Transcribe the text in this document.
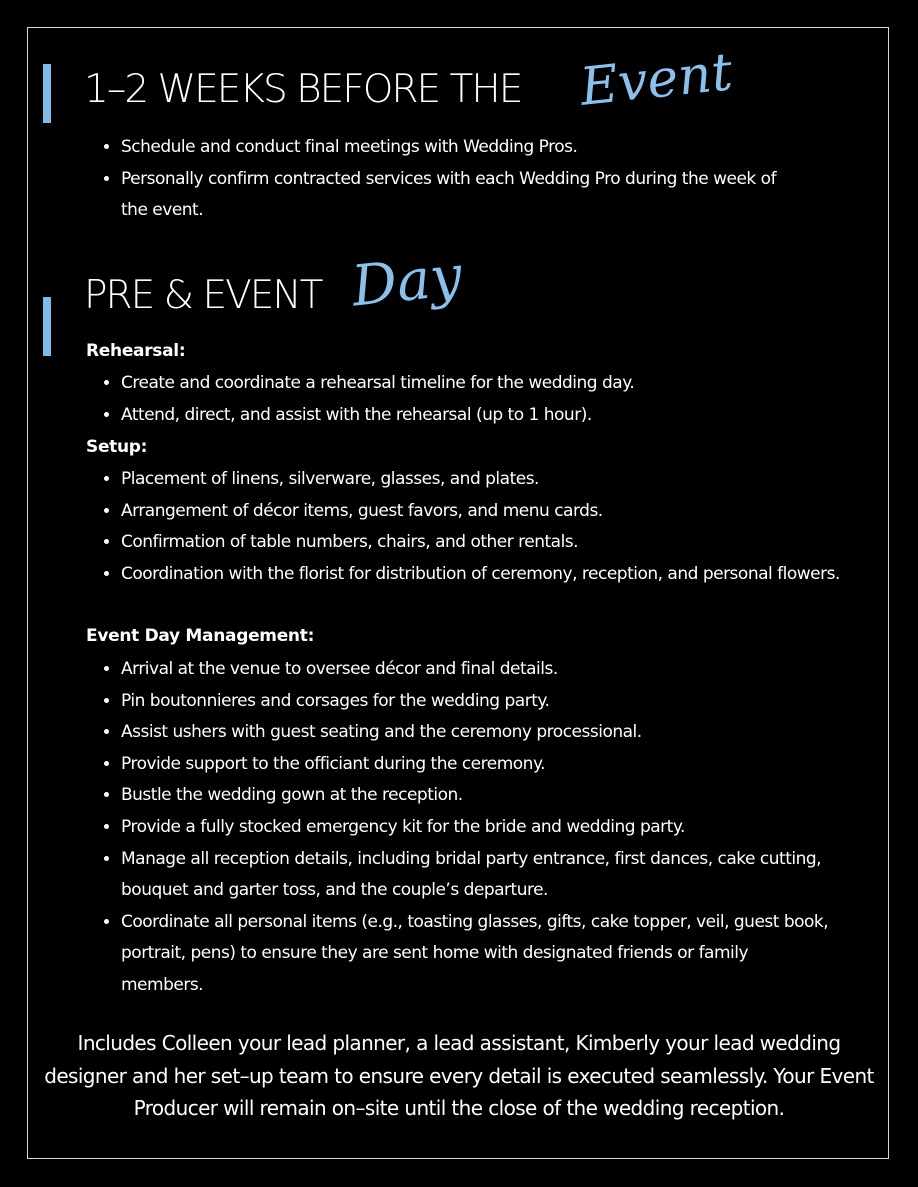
1–2 WEEKS BEFORE THE Event
• Schedule and conduct final meetings with Wedding Pros.
• Personally confirm contracted services with each Wedding Pro during the week of the event.
PRE & EVENT Day
Rehearsal:
• Create and coordinate a rehearsal timeline for the wedding day.
• Attend, direct, and assist with the rehearsal (up to 1 hour).
Setup:
• Placement of linens, silverware, glasses, and plates.
• Arrangement of décor items, guest favors, and menu cards.
• Confirmation of table numbers, chairs, and other rentals.
• Coordination with the florist for distribution of ceremony, reception, and personal flowers.
Event Day Management:
• Arrival at the venue to oversee décor and final details.
• Pin boutonnieres and corsages for the wedding party.
• Assist ushers with guest seating and the ceremony processional.
• Provide support to the officiant during the ceremony.
• Bustle the wedding gown at the reception.
• Provide a fully stocked emergency kit for the bride and wedding party.
• Manage all reception details, including bridal party entrance, first dances, cake cutting, bouquet and garter toss, and the couple’s departure.
• Coordinate all personal items (e.g., toasting glasses, gifts, cake topper, veil, guest book, portrait, pens) to ensure they are sent home with designated friends or family members.

Includes Colleen your lead planner, a lead assistant, Kimberly your lead wedding designer and her set–up team to ensure every detail is executed seamlessly. Your Event Producer will remain on–site until the close of the wedding reception.
